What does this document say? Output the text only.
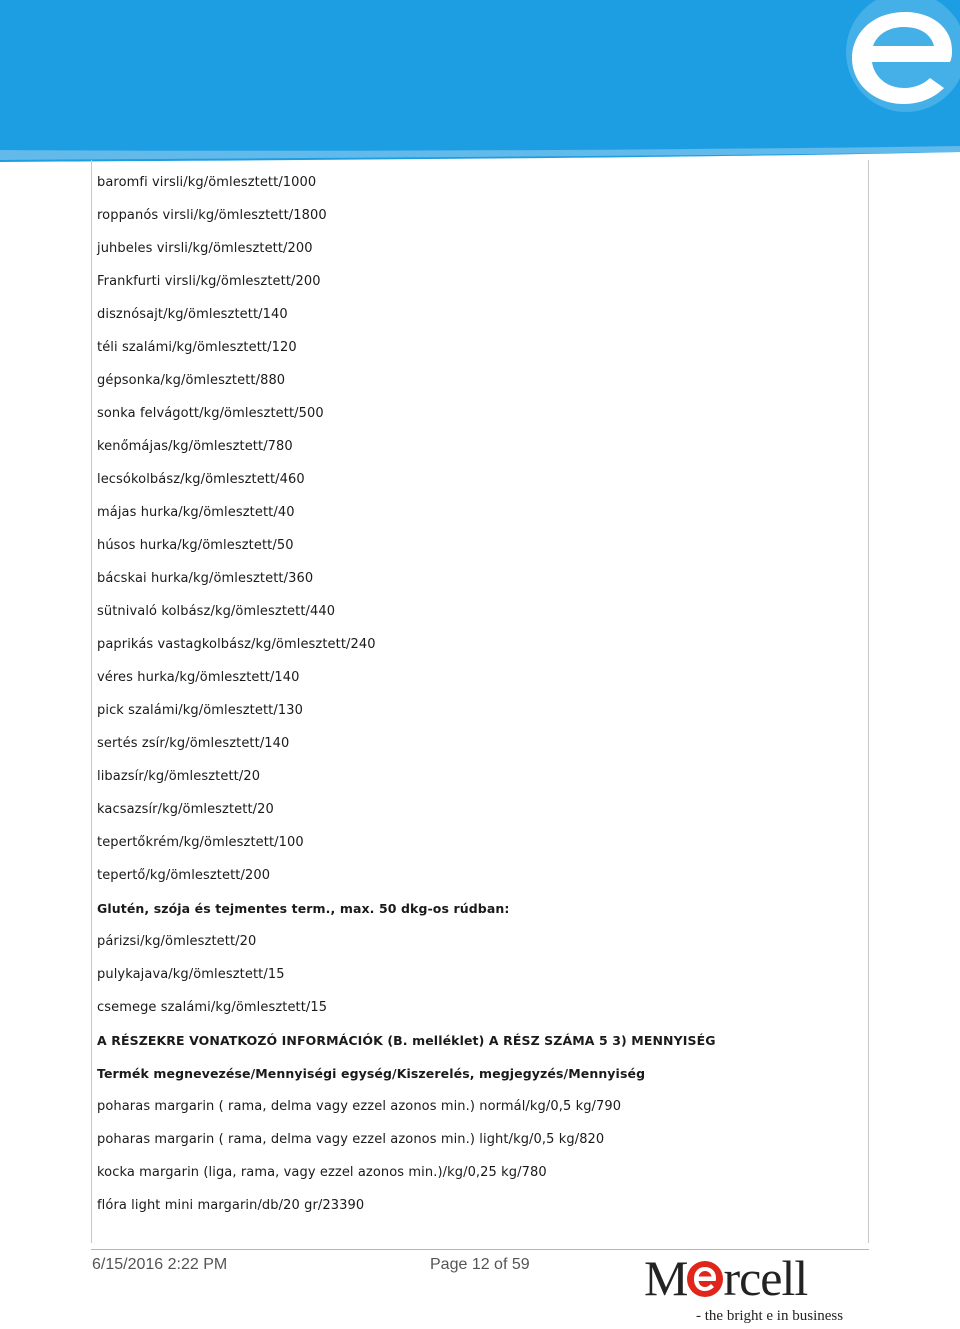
baromfi virsli/kg/ömlesztett/1000
roppanós virsli/kg/ömlesztett/1800
juhbeles virsli/kg/ömlesztett/200
Frankfurti virsli/kg/ömlesztett/200
disznósajt/kg/ömlesztett/140
téli szalámi/kg/ömlesztett/120
gépsonka/kg/ömlesztett/880
sonka felvágott/kg/ömlesztett/500
kenőmájas/kg/ömlesztett/780
lecsókolbász/kg/ömlesztett/460
májas hurka/kg/ömlesztett/40
húsos hurka/kg/ömlesztett/50
bácskai hurka/kg/ömlesztett/360
sütnivaló kolbász/kg/ömlesztett/440
paprikás vastagkolbász/kg/ömlesztett/240
véres hurka/kg/ömlesztett/140
pick szalámi/kg/ömlesztett/130
sertés zsír/kg/ömlesztett/140
libazsír/kg/ömlesztett/20
kacsazsír/kg/ömlesztett/20
tepertőkrém/kg/ömlesztett/100
tepertő/kg/ömlesztett/200
Glutén, szója és tejmentes term., max. 50 dkg-os rúdban:
párizsi/kg/ömlesztett/20
pulykajava/kg/ömlesztett/15
csemege szalámi/kg/ömlesztett/15
A RÉSZEKRE VONATKOZÓ INFORMÁCIÓK (B. melléklet) A RÉSZ SZÁMA 5 3) MENNYISÉG
Termék megnevezése/Mennyiségi egység/Kiszerelés, megjegyzés/Mennyiség
poharas margarin ( rama, delma vagy ezzel azonos min.) normál/kg/0,5 kg/790
poharas margarin ( rama, delma vagy ezzel azonos min.) light/kg/0,5 kg/820
kocka margarin (liga, rama, vagy ezzel azonos min.)/kg/0,25 kg/780
flóra light mini margarin/db/20 gr/23390
6/15/2016 2:22 PM	Page 12 of 59 M rcell
- the bright e in business
